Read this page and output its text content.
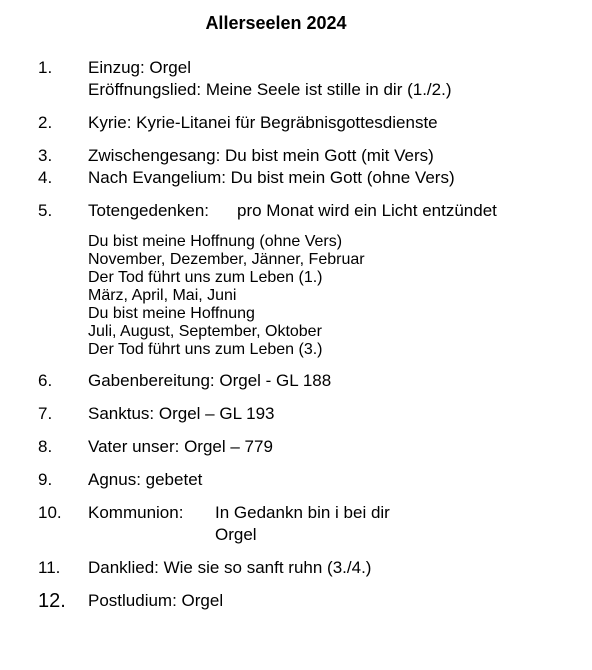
Allerseelen 2024
1.	Einzug: Orgel
Eröffnungslied: Meine Seele ist stille in dir (1./2.)
2.	Kyrie: Kyrie-Litanei für Begräbnisgottesdienste
3.	Zwischengesang: Du bist mein Gott (mit Vers)
4.	Nach Evangelium: Du bist mein Gott (ohne Vers)
5.	Totengedenken: pro Monat wird ein Licht entzündet
Du bist meine Hoffnung (ohne Vers)
November, Dezember, Jänner, Februar
Der Tod führt uns zum Leben (1.)
März, April, Mai, Juni
Du bist meine Hoffnung
Juli, August, September, Oktober
Der Tod führt uns zum Leben (3.)
6.	Gabenbereitung: Orgel - GL 188
7.	Sanktus: Orgel – GL 193
8.	Vater unser: Orgel – 779
9.	Agnus: gebetet
10.	Kommunion: In Gedankn bin i bei dir
Orgel
11.	Danklied: Wie sie so sanft ruhn (3./4.)
12.	Postludium: Orgel
